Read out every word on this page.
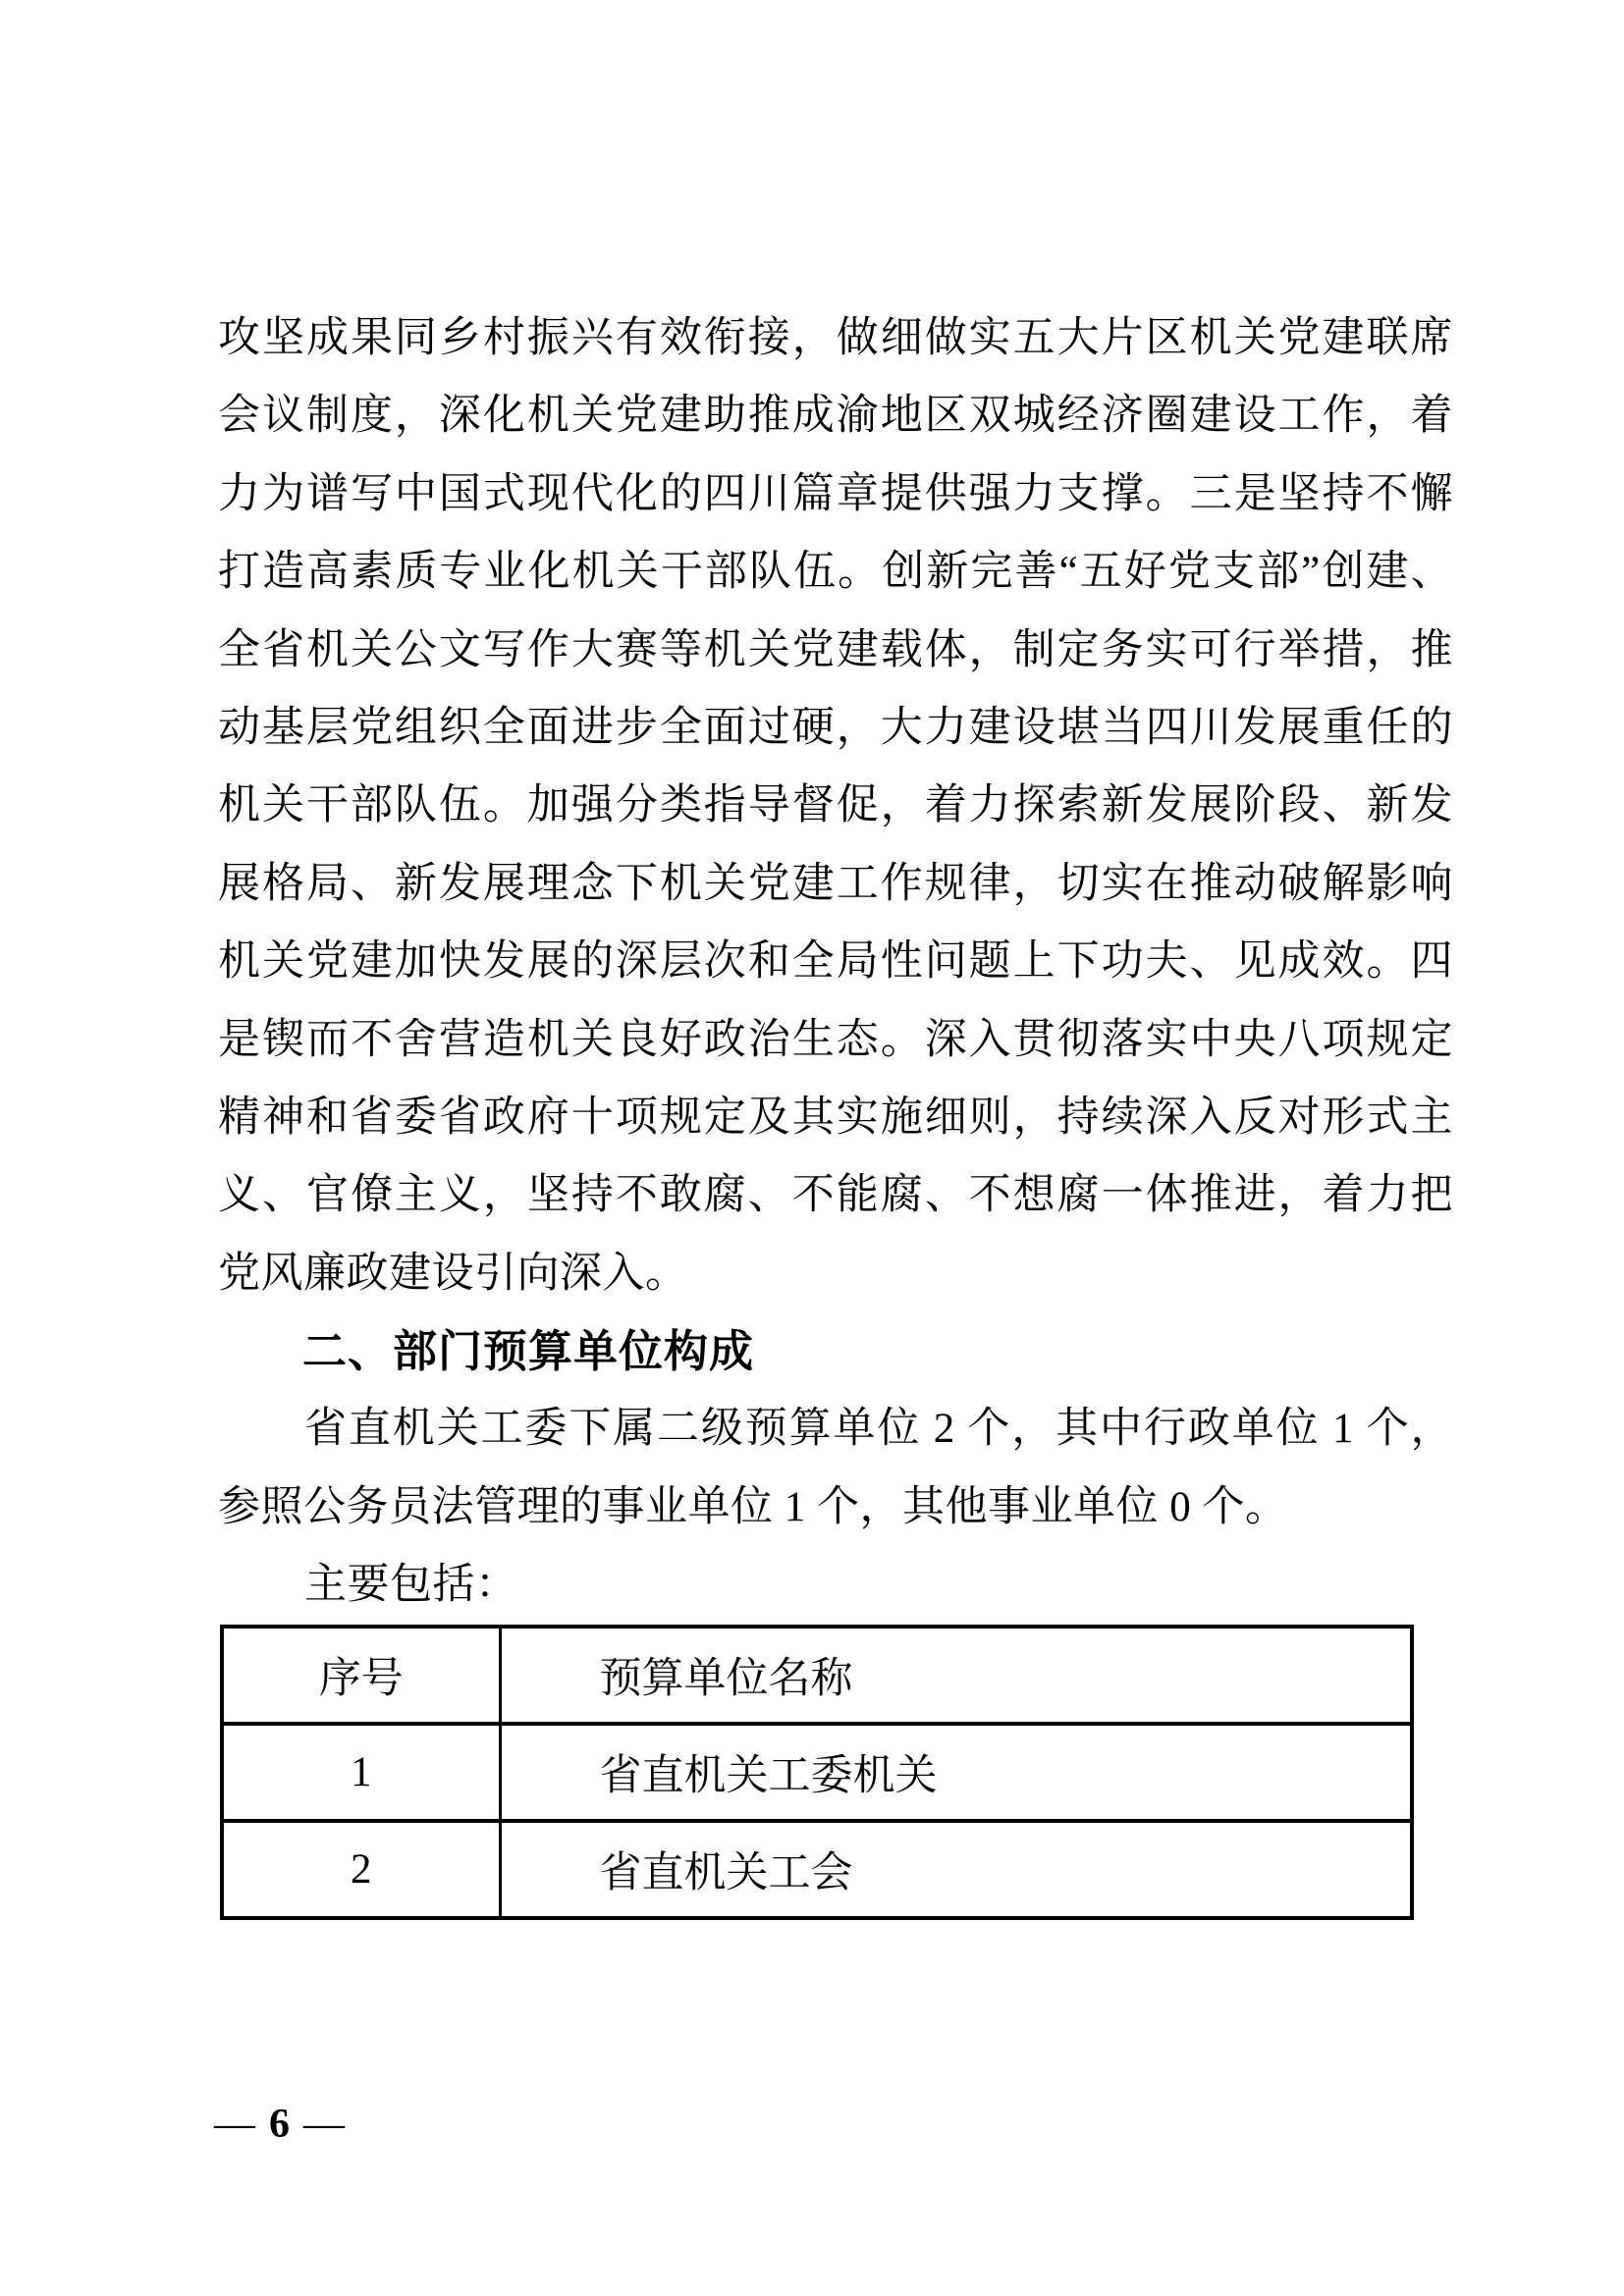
攻坚成果同乡村振兴有效衔接，做细做实五大片区机关党建联席
会议制度，深化机关党建助推成渝地区双城经济圈建设工作，着
力为谱写中国式现代化的四川篇章提供强力支撑。三是坚持不懈
打造高素质专业化机关干部队伍。创新完善“五好党支部”创建、
全省机关公文写作大赛等机关党建载体，制定务实可行举措，推
动基层党组织全面进步全面过硬，大力建设堪当四川发展重任的
机关干部队伍。加强分类指导督促，着力探索新发展阶段、新发
展格局、新发展理念下机关党建工作规律，切实在推动破解影响
机关党建加快发展的深层次和全局性问题上下功夫、见成效。四
是锲而不舍营造机关良好政治生态。深入贯彻落实中央八项规定
精神和省委省政府十项规定及其实施细则，持续深入反对形式主
义、官僚主义，坚持不敢腐、不能腐、不想腐一体推进，着力把
党风廉政建设引向深入。
二、部门预算单位构成
省直机关工委下属二级预算单位 2 个，其中行政单位 1 个，
参照公务员法管理的事业单位 1 个，其他事业单位 0 个。
主要包括：
序号	预算单位名称
1	省直机关工委机关
2	省直机关工会
— 6 —
